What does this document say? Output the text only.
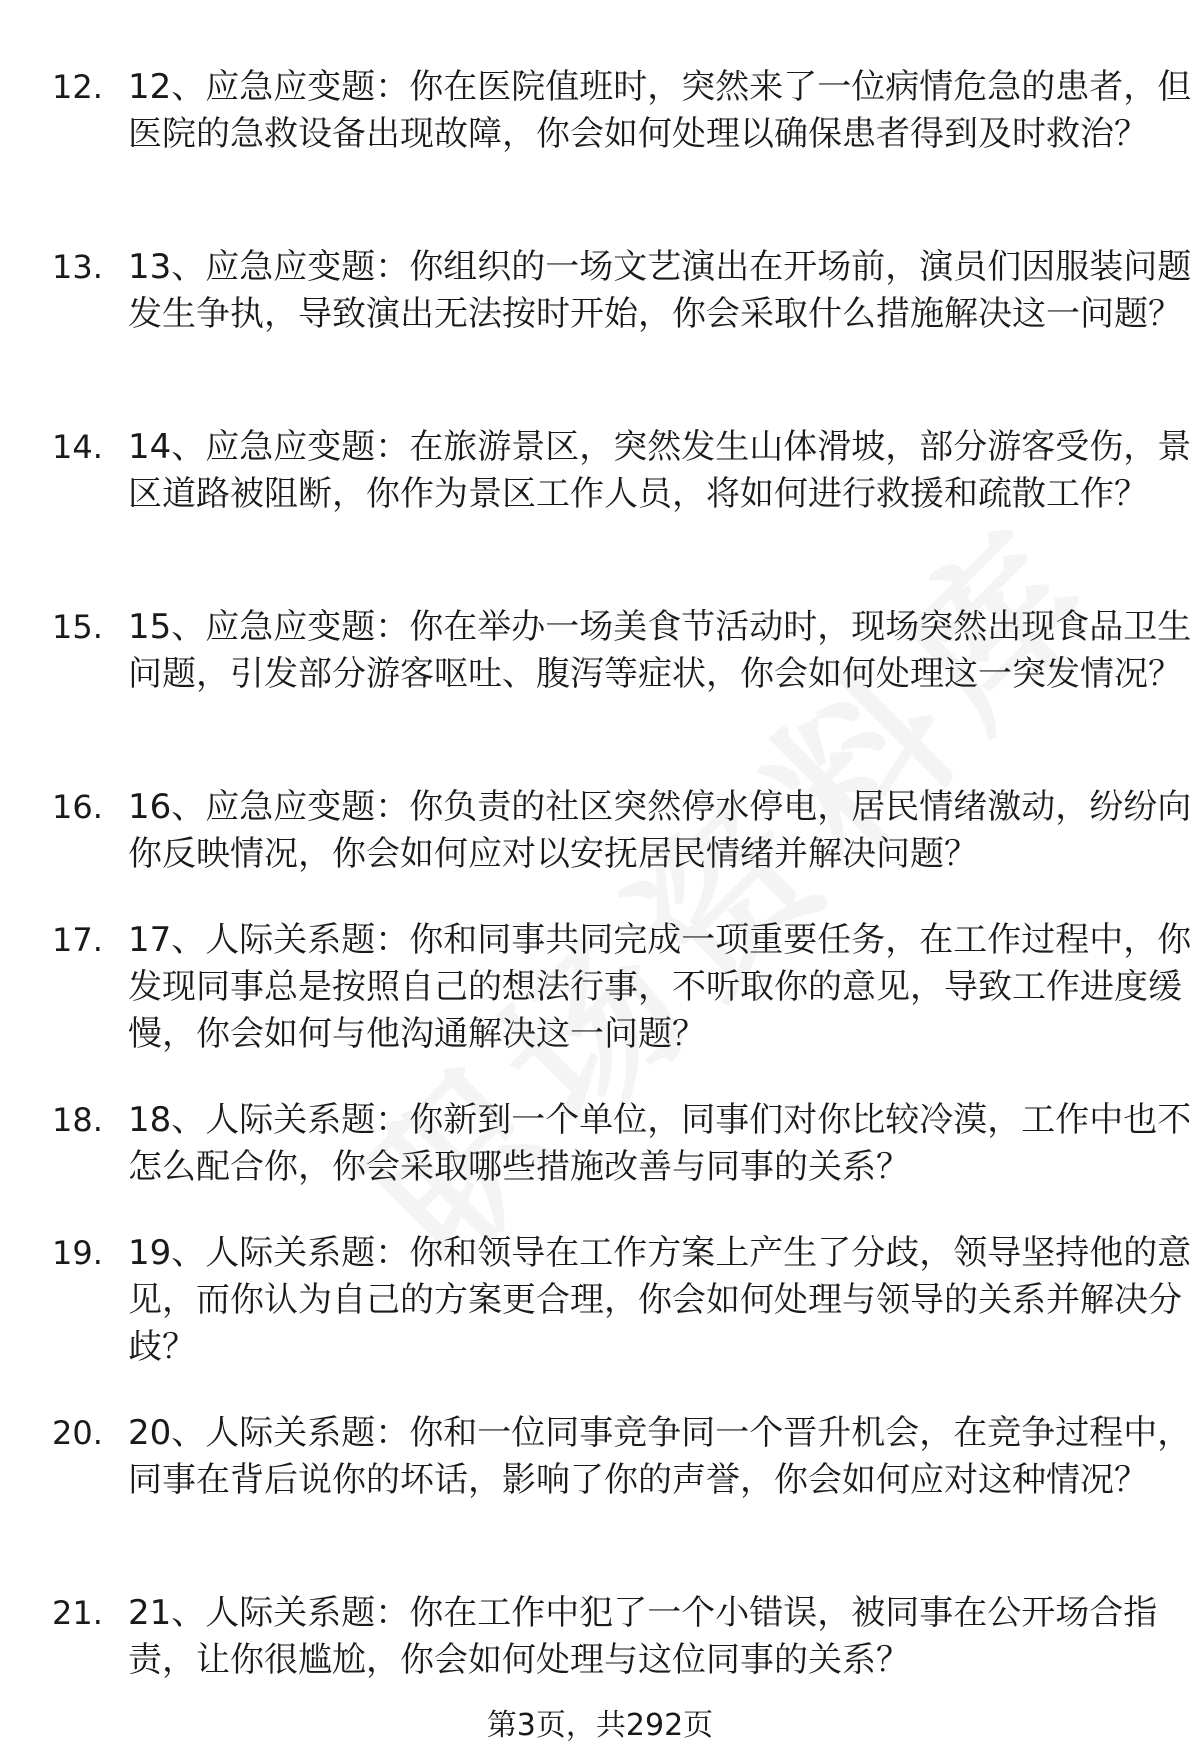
12. 12、应急应变题：你在医院值班时，突然来了一位病情危急的患者，但医院的急救设备出现故障，你会如何处理以确保患者得到及时救治？
13. 13、应急应变题：你组织的一场文艺演出在开场前，演员们因服装问题发生争执，导致演出无法按时开始，你会采取什么措施解决这一问题？
14. 14、应急应变题：在旅游景区，突然发生山体滑坡，部分游客受伤，景区道路被阻断，你作为景区工作人员，将如何进行救援和疏散工作？
15. 15、应急应变题：你在举办一场美食节活动时，现场突然出现食品卫生问题，引发部分游客呕吐、腹泻等症状，你会如何处理这一突发情况？
16. 16、应急应变题：你负责的社区突然停水停电，居民情绪激动，纷纷向你反映情况，你会如何应对以安抚居民情绪并解决问题？
17. 17、人际关系题：你和同事共同完成一项重要任务，在工作过程中，你发现同事总是按照自己的想法行事，不听取你的意见，导致工作进度缓慢，你会如何与他沟通解决这一问题？
18. 18、人际关系题：你新到一个单位，同事们对你比较冷漠，工作中也不怎么配合你，你会采取哪些措施改善与同事的关系？
19. 19、人际关系题：你和领导在工作方案上产生了分歧，领导坚持他的意见，而你认为自己的方案更合理，你会如何处理与领导的关系并解决分歧？
20. 20、人际关系题：你和一位同事竞争同一个晋升机会，在竞争过程中，同事在背后说你的坏话，影响了你的声誉，你会如何应对这种情况？
21. 21、人际关系题：你在工作中犯了一个小错误，被同事在公开场合指责，让你很尴尬，你会如何处理与这位同事的关系？
第3页，共292页
